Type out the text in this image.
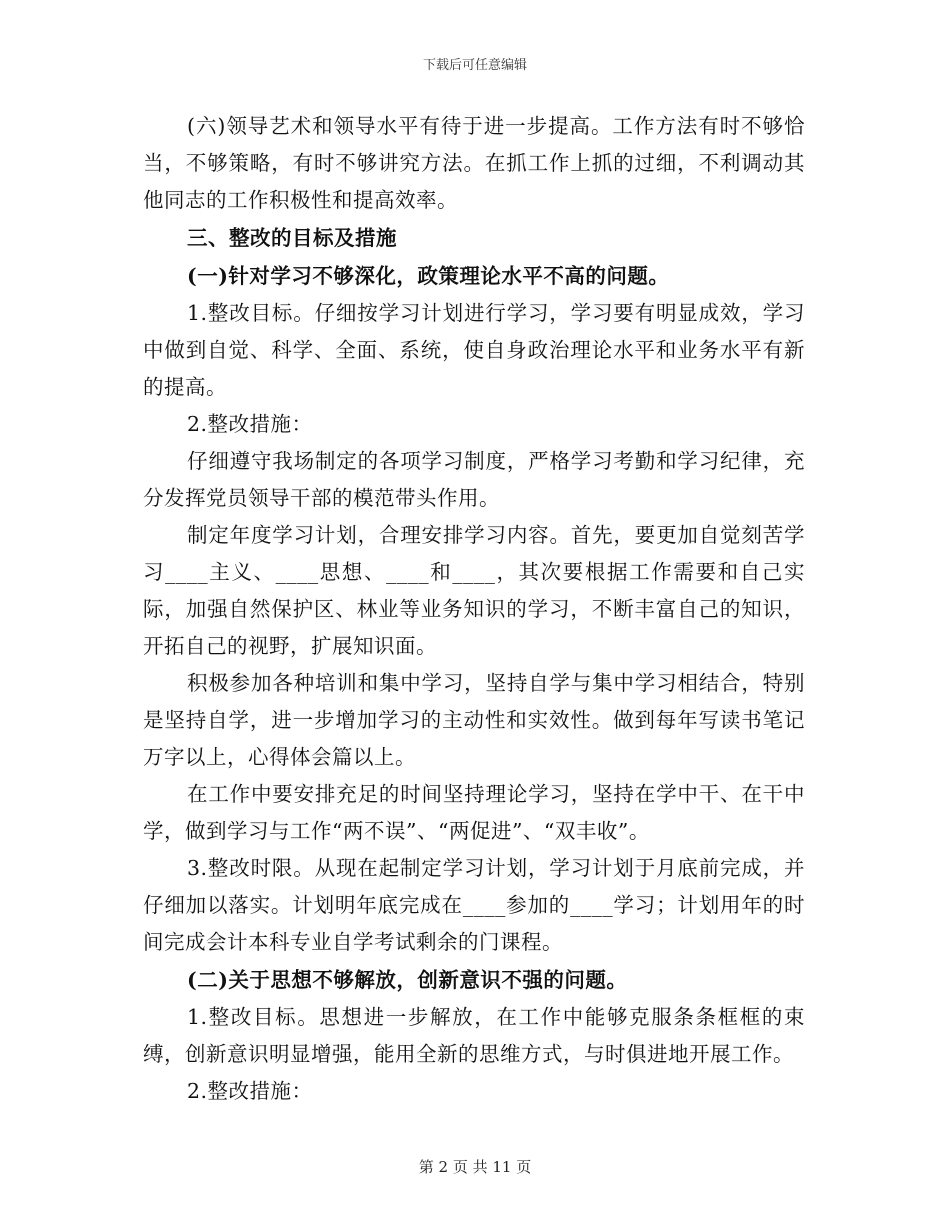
下载后可任意编辑

(六)领导艺术和领导水平有待于进一步提高。工作方法有时不够恰当，不够策略，有时不够讲究方法。在抓工作上抓的过细，不利调动其他同志的工作积极性和提高效率。

三、整改的目标及措施

(一)针对学习不够深化，政策理论水平不高的问题。

1.整改目标。仔细按学习计划进行学习，学习要有明显成效，学习中做到自觉、科学、全面、系统，使自身政治理论水平和业务水平有新的提高。

2.整改措施：

仔细遵守我场制定的各项学习制度，严格学习考勤和学习纪律，充分发挥党员领导干部的模范带头作用。

制定年度学习计划，合理安排学习内容。首先，要更加自觉刻苦学习____主义、____思想、____和____，其次要根据工作需要和自己实际，加强自然保护区、林业等业务知识的学习，不断丰富自己的知识，开拓自己的视野，扩展知识面。

积极参加各种培训和集中学习，坚持自学与集中学习相结合，特别是坚持自学，进一步增加学习的主动性和实效性。做到每年写读书笔记万字以上，心得体会篇以上。

在工作中要安排充足的时间坚持理论学习，坚持在学中干、在干中学，做到学习与工作“两不误”、“两促进”、“双丰收”。

3.整改时限。从现在起制定学习计划，学习计划于月底前完成，并仔细加以落实。计划明年底完成在____参加的____学习；计划用年的时间完成会计本科专业自学考试剩余的门课程。

(二)关于思想不够解放，创新意识不强的问题。

1.整改目标。思想进一步解放，在工作中能够克服条条框框的束缚，创新意识明显增强，能用全新的思维方式，与时俱进地开展工作。

2.整改措施：

第 2 页 共 11 页
